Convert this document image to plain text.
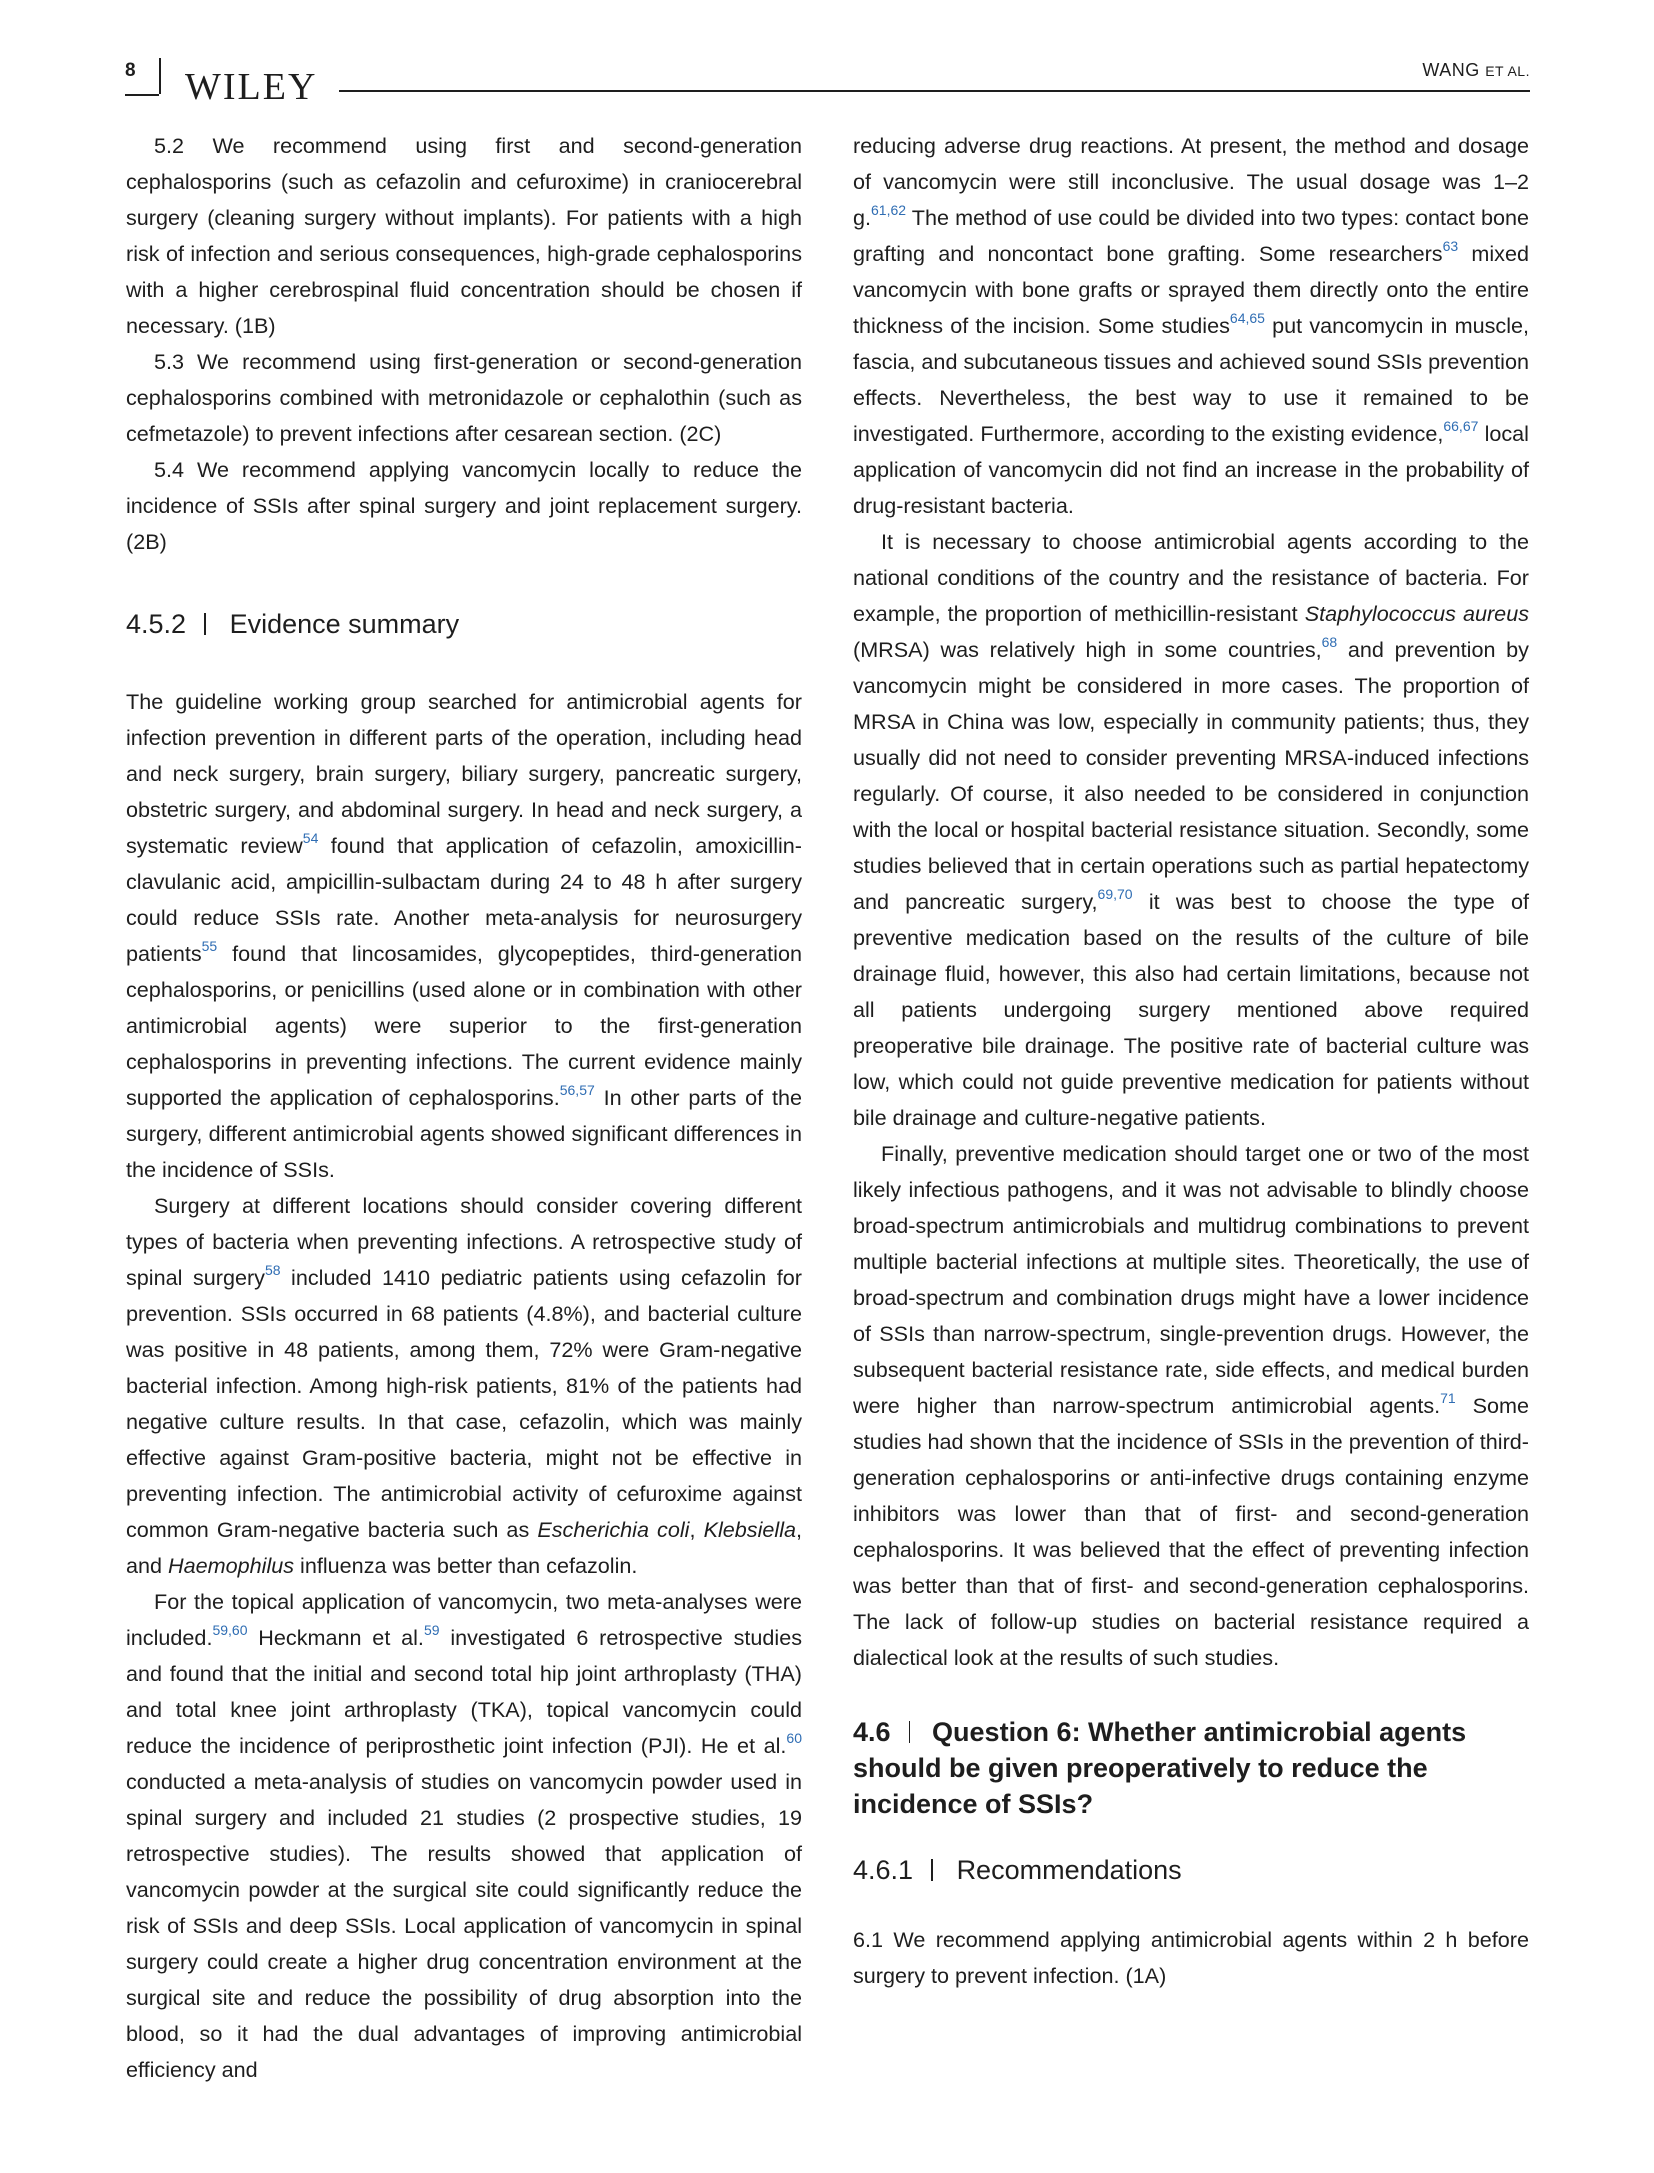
8 WILEY	WANG ET AL.

5.2 We recommend using first and second-generation cephalosporins (such as cefazolin and cefuroxime) in craniocerebral surgery (cleaning surgery without implants). For patients with a high risk of infection and serious consequences, high-grade cephalosporins with a higher cerebrospinal fluid concentration should be chosen if necessary. (1B)

5.3 We recommend using first-generation or second-generation cephalosporins combined with metronidazole or cephalothin (such as cefmetazole) to prevent infections after cesarean section. (2C)

5.4 We recommend applying vancomycin locally to reduce the incidence of SSIs after spinal surgery and joint replacement surgery. (2B)

4.5.2 Evidence summary

The guideline working group searched for antimicrobial agents for infection prevention in different parts of the operation, including head and neck surgery, brain surgery, biliary surgery, pancreatic surgery, obstetric surgery, and abdominal surgery. In head and neck surgery, a systematic review$^{54}$ found that application of cefazolin, amoxicillin-clavulanic acid, ampicillin-sulbactam during 24 to 48 h after surgery could reduce SSIs rate. Another meta-analysis for neurosurgery patients$^{55}$ found that lincosamides, glycopeptides, third-generation cephalosporins, or penicillins (used alone or in combination with other antimicrobial agents) were superior to the first-generation cephalosporins in preventing infections. The current evidence mainly supported the application of cephalosporins.$^{56,57}$ In other parts of the surgery, different antimicrobial agents showed significant differences in the incidence of SSIs.

Surgery at different locations should consider covering different types of bacteria when preventing infections. A retrospective study of spinal surgery$^{58}$ included 1410 pediatric patients using cefazolin for prevention. SSIs occurred in 68 patients (4.8%), and bacterial culture was positive in 48 patients, among them, 72% were Gram-negative bacterial infection. Among high-risk patients, 81% of the patients had negative culture results. In that case, cefazolin, which was mainly effective against Gram-positive bacteria, might not be effective in preventing infection. The antimicrobial activity of cefuroxime against common Gram-negative bacteria such as Escherichia coli, Klebsiella, and Haemophilus influenza was better than cefazolin.

For the topical application of vancomycin, two meta-analyses were included.$^{59,60}$ Heckmann et al.$^{59}$ investigated 6 retrospective studies and found that the initial and second total hip joint arthroplasty (THA) and total knee joint arthroplasty (TKA), topical vancomycin could reduce the incidence of periprosthetic joint infection (PJI). He et al.$^{60}$ conducted a meta-analysis of studies on vancomycin powder used in spinal surgery and included 21 studies (2 prospective studies, 19 retrospective studies). The results showed that application of vancomycin powder at the surgical site could significantly reduce the risk of SSIs and deep SSIs. Local application of vancomycin in spinal surgery could create a higher drug concentration environment at the surgical site and reduce the possibility of drug absorption into the blood, so it had the dual advantages of improving antimicrobial efficiency and

reducing adverse drug reactions. At present, the method and dosage of vancomycin were still inconclusive. The usual dosage was 1–2 g.$^{61,62}$ The method of use could be divided into two types: contact bone grafting and noncontact bone grafting. Some researchers$^{63}$ mixed vancomycin with bone grafts or sprayed them directly onto the entire thickness of the incision. Some studies$^{64,65}$ put vancomycin in muscle, fascia, and subcutaneous tissues and achieved sound SSIs prevention effects. Nevertheless, the best way to use it remained to be investigated. Furthermore, according to the existing evidence,$^{66,67}$ local application of vancomycin did not find an increase in the probability of drug-resistant bacteria.

It is necessary to choose antimicrobial agents according to the national conditions of the country and the resistance of bacteria. For example, the proportion of methicillin-resistant Staphylococcus aureus (MRSA) was relatively high in some countries,$^{68}$ and prevention by vancomycin might be considered in more cases. The proportion of MRSA in China was low, especially in community patients; thus, they usually did not need to consider preventing MRSA-induced infections regularly. Of course, it also needed to be considered in conjunction with the local or hospital bacterial resistance situation. Secondly, some studies believed that in certain operations such as partial hepatectomy and pancreatic surgery,$^{69,70}$ it was best to choose the type of preventive medication based on the results of the culture of bile drainage fluid, however, this also had certain limitations, because not all patients undergoing surgery mentioned above required preoperative bile drainage. The positive rate of bacterial culture was low, which could not guide preventive medication for patients without bile drainage and culture-negative patients.

Finally, preventive medication should target one or two of the most likely infectious pathogens, and it was not advisable to blindly choose broad-spectrum antimicrobials and multidrug combinations to prevent multiple bacterial infections at multiple sites. Theoretically, the use of broad-spectrum and combination drugs might have a lower incidence of SSIs than narrow-spectrum, single-prevention drugs. However, the subsequent bacterial resistance rate, side effects, and medical burden were higher than narrow-spectrum antimicrobial agents.$^{71}$ Some studies had shown that the incidence of SSIs in the prevention of third-generation cephalosporins or anti-infective drugs containing enzyme inhibitors was lower than that of first- and second-generation cephalosporins. It was believed that the effect of preventing infection was better than that of first- and second-generation cephalosporins. The lack of follow-up studies on bacterial resistance required a dialectical look at the results of such studies.

4.6 Question 6: Whether antimicrobial agents should be given preoperatively to reduce the incidence of SSIs?
4.6.1 Recommendations

6.1 We recommend applying antimicrobial agents within 2 h before surgery to prevent infection. (1A)
